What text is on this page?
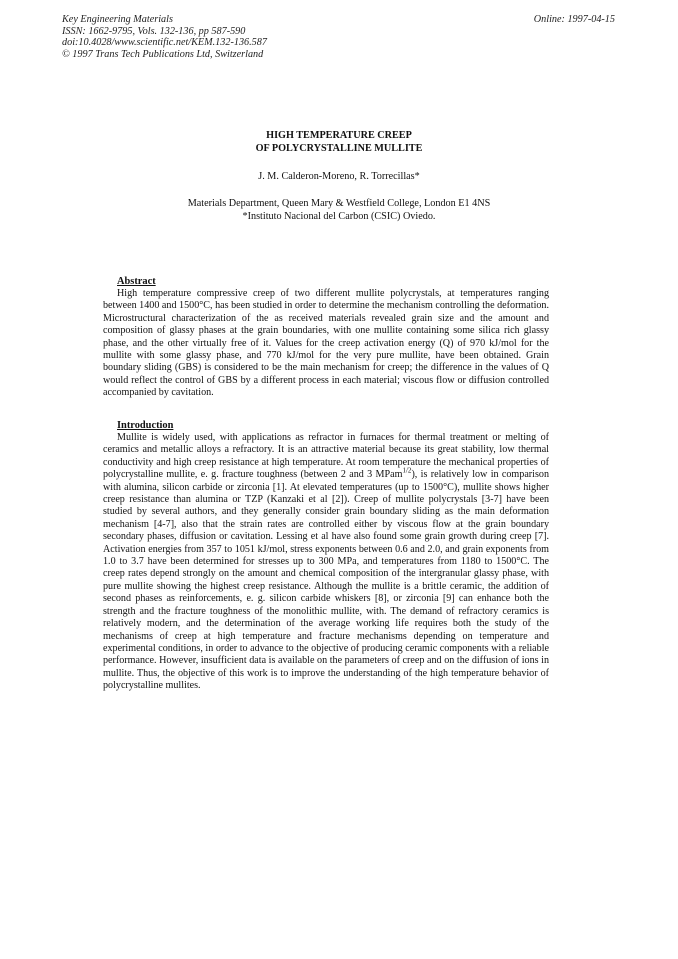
Key Engineering Materials
ISSN: 1662-9795, Vols. 132-136, pp 587-590
doi:10.4028/www.scientific.net/KEM.132-136.587
© 1997 Trans Tech Publications Ltd, Switzerland
Online: 1997-04-15
HIGH TEMPERATURE CREEP
OF POLYCRYSTALLINE MULLITE
J. M. Calderon-Moreno, R. Torrecillas*
Materials Department, Queen Mary & Westfield College, London E1 4NS
*Instituto Nacional del Carbon (CSIC) Oviedo.
Abstract

High temperature compressive creep of two different mullite polycrystals, at temperatures ranging between 1400 and 1500°C, has been studied in order to determine the mechanism controlling the deformation. Microstructural characterization of the as received materials revealed grain size and the amount and composition of glassy phases at the grain boundaries, with one mullite containing some silica rich glassy phase, and the other virtually free of it. Values for the creep activation energy (Q) of 970 kJ/mol for the mullite with some glassy phase, and 770 kJ/mol for the very pure mullite, have been obtained. Grain boundary sliding (GBS) is considered to be the main mechanism for creep; the difference in the values of Q would reflect the control of GBS by a different process in each material; viscous flow or diffusion controlled accompanied by cavitation.

Introduction

Mullite is widely used, with applications as refractor in furnaces for thermal treatment or melting of ceramics and metallic alloys a refractory. It is an attractive material because its great stability, low thermal conductivity and high creep resistance at high temperature. At room temperature the mechanical properties of polycrystalline mullite, e. g. fracture toughness (between 2 and 3 MPam$^{1/2}$), is relatively low in comparison with alumina, silicon carbide or zirconia [1]. At elevated temperatures (up to 1500°C), mullite shows higher creep resistance than alumina or TZP (Kanzaki et al [2]). Creep of mullite polycrystals [3-7] have been studied by several authors, and they generally consider grain boundary sliding as the main deformation mechanism [4-7], also that the strain rates are controlled either by viscous flow at the grain boundary secondary phases, diffusion or cavitation. Lessing et al have also found some grain growth during creep [7]. Activation energies from 357 to 1051 kJ/mol, stress exponents between 0.6 and 2.0, and grain exponents from 1.0 to 3.7 have been determined for stresses up to 300 MPa, and temperatures from 1180 to 1500°C. The creep rates depend strongly on the amount and chemical composition of the intergranular glassy phase, with pure mullite showing the highest creep resistance. Although the mullite is a brittle ceramic, the addition of second phases as reinforcements, e. g. silicon carbide whiskers [8], or zirconia [9] can enhance both the strength and the fracture toughness of the monolithic mullite, with. The demand of refractory ceramics is relatively modern, and the determination of the average working life requires both the study of the mechanisms of creep at high temperature and fracture mechanisms depending on temperature and experimental conditions, in order to advance to the objective of producing ceramic components with a reliable performance. However, insufficient data is available on the parameters of creep and on the diffusion of ions in mullite. Thus, the objective of this work is to improve the understanding of the high temperature behavior of polycrystalline mullites.
